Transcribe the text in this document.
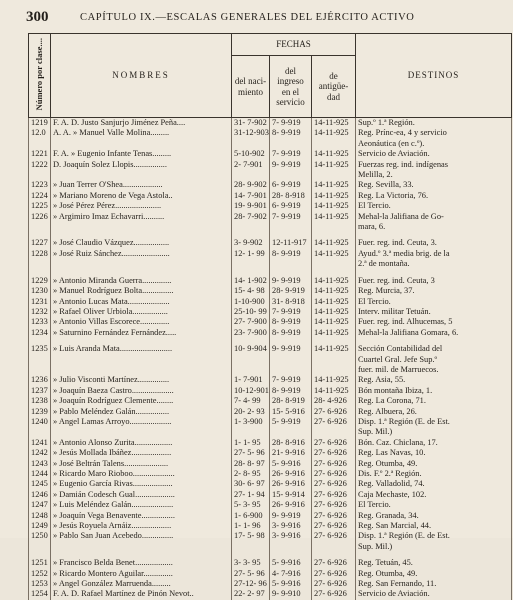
300	CAPÍTULO IX.—ESCALAS GENERALES DEL EJÉRCITO ACTIVO
Número por clase....	NOMBRES	FECHAS			DESTINOS
		del naci- miento	del ingreso en el servicio	de antigüe- dad	
1219	F. A. D. Justo Sanjurjo Jiménez Peña....	31- 7-902	7- 9-919	14-11-925	Sup.º 1.ª Región.
12.0	A. A. » Manuel Valle Molina.........	31-12-903	8- 9-919	14-11-925	Reg. Prínc-ea, 4 y servicio
					Aeonáutica (en c.º).
1221	F. A. » Eugenio Infante Tenas.........	5-10-902	7- 9-919	14-11-925	Servicio de Aviación.
1222	D. Joaquín Solez Llopis................	2- 7-901	9- 9-919	14-11-925	Fuerzas reg. ind. indígenas
					Melilla, 2.
1223	» Juan Terrer O'Shea...................	28- 9-902	6- 9-919	14-11-925	Reg. Sevilla, 33.
1224	» Mariano Moreno de Vega Astola..	14- 7-901	28- 8-918	14-11-925	Reg. La Victoria, 76.
1225	» José Pérez Pérez......................	19- 9-901	6- 9-919	14-11-925	El Tercio.
1226	» Argimiro Imaz Echavarri..........	28- 7-902	7- 9-919	14-11-925	Mehal-la Jalifiana de Go-
					mara, 6.

1227	» José Claudio Vázquez.................	3- 9-902	12-11-917	14-11-925	Fuer. reg. ind. Ceuta, 3.
1228	» José Ruiz Sánchez.......................	12- 1- 99	8- 9-919	14-11-925	Ayud.º 3.ª media brig. de la
					2.ª de montaña.

1229	» Antonio Miranda Guerra..............	14- 1-902	9- 9-919	14-11-925	Fuer. reg. ind. Ceuta, 3
1230	» Manuel Rodríguez Bolta...............	15- 4- 98	28- 9-919	14-11-925	Reg. Murcia, 37.
1231	» Antonio Lucas Mata....................	1-10-900	31- 8-918	14-11-925	El Tercio.
1232	» Rafael Oliver Urbiola.................	25-10- 99	7- 9-919	14-11-925	Interv. militar Tetuán.
1233	» Antonio Villas Escorece..............	27- 7-900	8- 9-919	14-11-925	Fuer. reg. ind. Alhucemas, 5
1234	» Saturnino Fernández Fernández.....	23- 7-900	8- 9-919	14-11-925	Mehal-la Jalifiana Gomara, 6.

1235	» Luis Aranda Mata.........................	10- 9-904	9- 9-919	14-11-925	Sección Contabilidad del
					Cuartel Gral. Jefe Sup.º
					fuer. mil. de Marruecos.
1236	» Julio Visconti Martínez...............	1- 7-901	7- 9-919	14-11-925	Reg. Asia, 55.
1237	» Joaquín Baeza Castro....................	10-12-901	8- 9-919	14-11-925	Bón montaña Ibiza, 1.
1238	» Joaquín Rodríguez Clemente........	7- 4- 99	28- 8-919	28- 4-926	Reg. La Corona, 71.
1239	» Pablo Meléndez Galán................	20- 2- 93	15- 5-916	27- 6-926	Reg. Albuera, 26.
1240	» Angel Lamas Arroyo....................	1- 3-900	5- 9-919	27- 6-926	Disp. 1.ª Región (E. de Est.
					Sup. Mil.)
1241	» Antonio Alonso Zurita..................	1- 1- 95	28- 8-916	27- 6-926	Bón. Caz. Chiclana, 17.
1242	» Jesús Mollada Ibáñez...................	27- 5- 96	21- 9-916	27- 6-926	Reg. Las Navas, 10.
1243	» José Beltrán Talens.....................	28- 8- 97	5- 9-916	27- 6-926	Reg. Otumba, 49.
1244	» Ricardo Maro Rioboo....................	2- 8- 95	26- 9-916	27- 6-926	Dis. F.º 2.ª Región.
1245	» Eugenio García Rivas...................	30- 6- 97	26- 9-916	27- 6-926	Reg. Valladolid, 74.
1246	» Damián Codesch Gual...................	27- 1- 94	15- 9-914	27- 6-926	Caja Mechaste, 102.
1247	» Luis Meléndez Galán....................	5- 3- 95	26- 9-916	27- 6-926	El Tercio.
1248	» Joaquín Vega Benavente................	1- 6-900	9- 9-919	27- 6-926	Reg. Granada, 34.
1249	» Jesús Royuela Arnáiz...................	1- 1- 96	3- 9-916	27- 6-926	Reg. San Marcial, 44.
1250	» Pablo San Juan Acebedo...............	17- 5- 98	3- 9-916	27- 6-926	Disp. 1.ª Región (E. de Est.
					Sup. Mil.)

1251	» Francisco Belda Benet..................	3- 3- 95	5- 9-916	27- 6-926	Reg. Tetuán, 45.
1252	» Ricardo Montero Aguilar..............	27- 5- 96	4- 7-916	27- 6-926	Reg. Otumba, 49.
1253	» Angel González Marruenda.........	27-12- 96	5- 9-916	27- 6-926	Reg. San Fernando, 11.
1254	F. A. D. Rafael Martínez de Pinón Nevot..	22- 2- 97	9- 9-910	27- 6-926	Servicio de Aviación.
